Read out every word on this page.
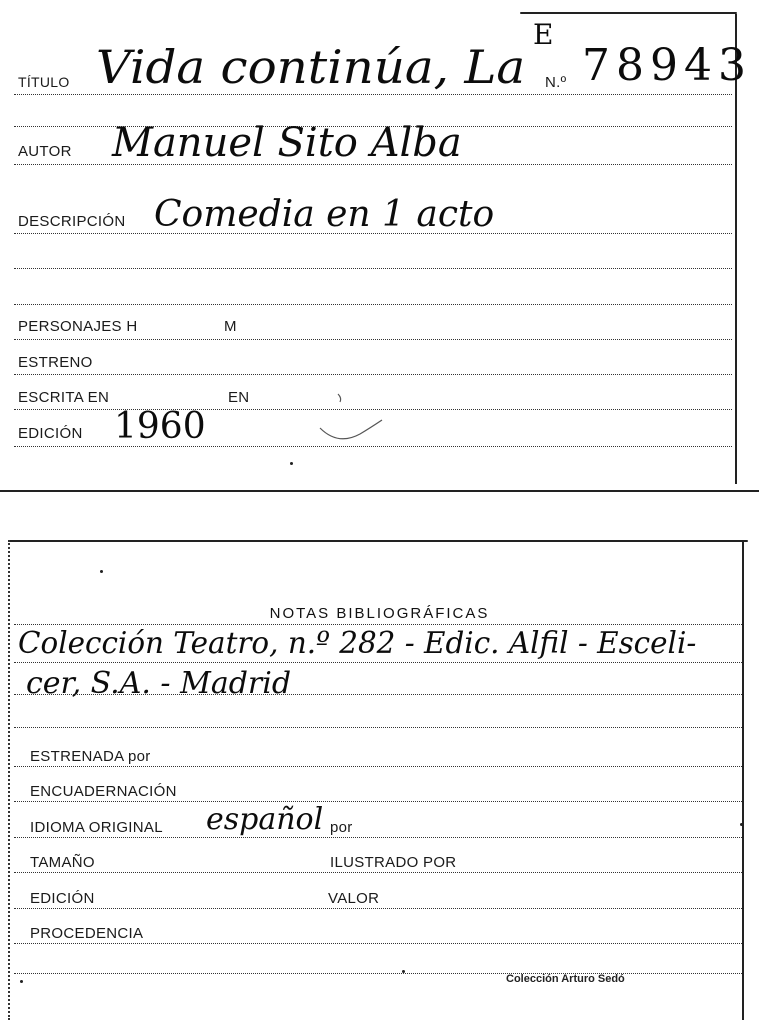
E
TÍTULO Vida continúa, La N.º 78943
AUTOR Manuel Sito Alba
DESCRIPCIÓN Comedia en 1 acto
PERSONAJES H	M
ESTRENO
ESCRITA EN	EN
EDICIÓN 1960
NOTAS BIBLIOGRÁFICAS
Colección Teatro, n.º 282 - Edic. Alfil - Esceli-
cer, S.A. - Madrid
ESTRENADA por
ENCUADERNACIÓN
IDIOMA ORIGINAL español por
TAMAÑO	ILUSTRADO POR
EDICIÓN	VALOR
PROCEDENCIA
Colección Arturo Sedó
